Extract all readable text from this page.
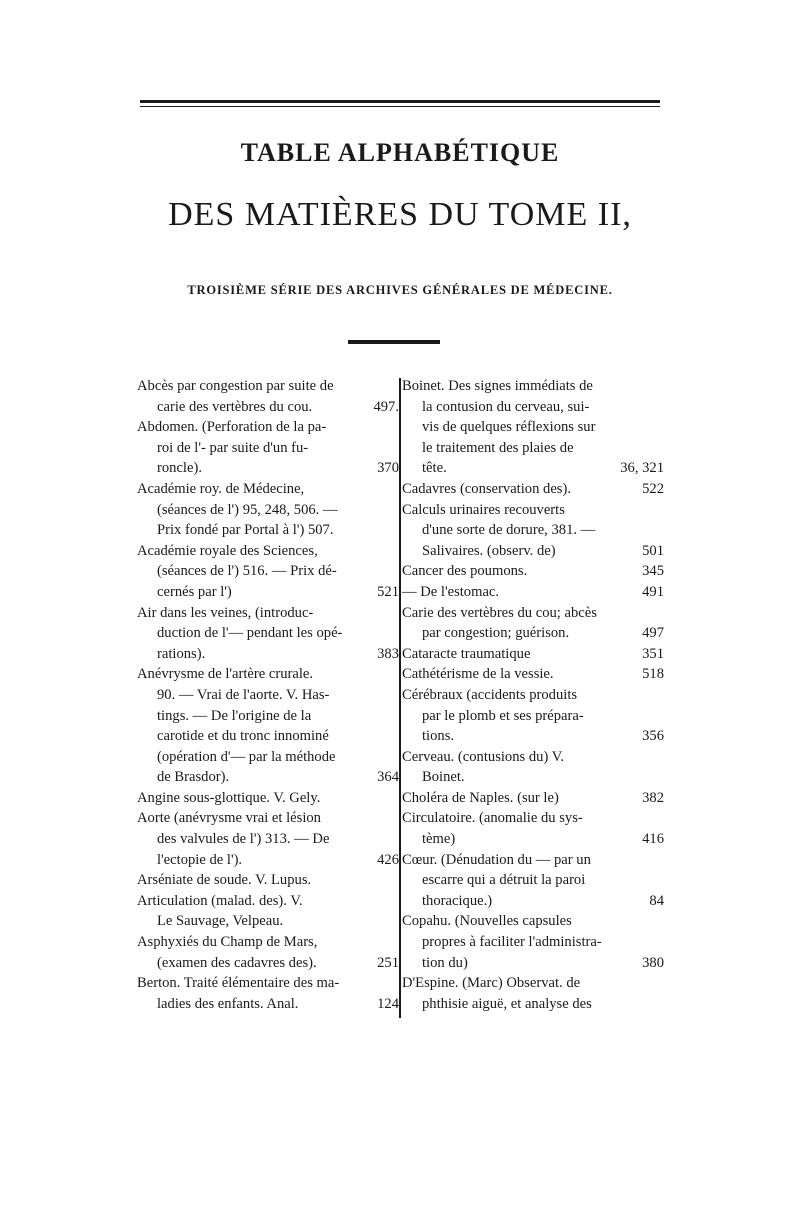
TABLE ALPHABÉTIQUE
DES MATIÈRES DU TOME II,
TROISIÈME SÉRIE DES ARCHIVES GÉNÉRALES DE MÉDECINE.
Abcès par congestion par suite de
carie des vertèbres du cou.	497.
Abdomen. (Perforation de la pa-
roi de l'- par suite d'un fu-
roncle).	370
Académie roy. de Médecine,
(séances de l') 95, 248, 506. —
Prix fondé par Portal à l') 507.
Académie royale des Sciences,
(séances de l') 516. — Prix dé-
cernés par l')	521
Air dans les veines, (introduc-
duction de l'— pendant les opé-
rations).	383
Anévrysme de l'artère crurale.
90. — Vrai de l'aorte. V. Has-
tings. — De l'origine de la
carotide et du tronc innominé
(opération d'— par la méthode
de Brasdor).	364
Angine sous-glottique. V. Gely.
Aorte (anévrysme vrai et lésion
des valvules de l') 313. — De
l'ectopie de l').	426
Arséniate de soude. V. Lupus.
Articulation (malad. des). V.
Le Sauvage, Velpeau.
Asphyxiés du Champ de Mars,
(examen des cadavres des).	251
Berton. Traité élémentaire des ma-
ladies des enfants. Anal.	124
Boinet. Des signes immédiats de
la contusion du cerveau, sui-
vis de quelques réflexions sur
le traitement des plaies de
tête.	36, 321
Cadavres (conservation des).	522
Calculs urinaires recouverts
d'une sorte de dorure, 381. —
Salivaires. (observ. de)	501
Cancer des poumons.	345
— De l'estomac.	491
Carie des vertèbres du cou; abcès
par congestion; guérison.	497
Cataracte traumatique	351
Cathétérisme de la vessie.	518
Cérébraux (accidents produits
par le plomb et ses prépara-
tions.	356
Cerveau. (contusions du) V.
Boinet.
Choléra de Naples. (sur le)	382
Circulatoire. (anomalie du sys-
tème)	416
Cœur. (Dénudation du — par un
escarre qui a détruit la paroi
thoracique.)	84
Copahu. (Nouvelles capsules
propres à faciliter l'administra-
tion du)	380
D'Espine. (Marc) Observat. de
phthisie aiguë, et analyse des
